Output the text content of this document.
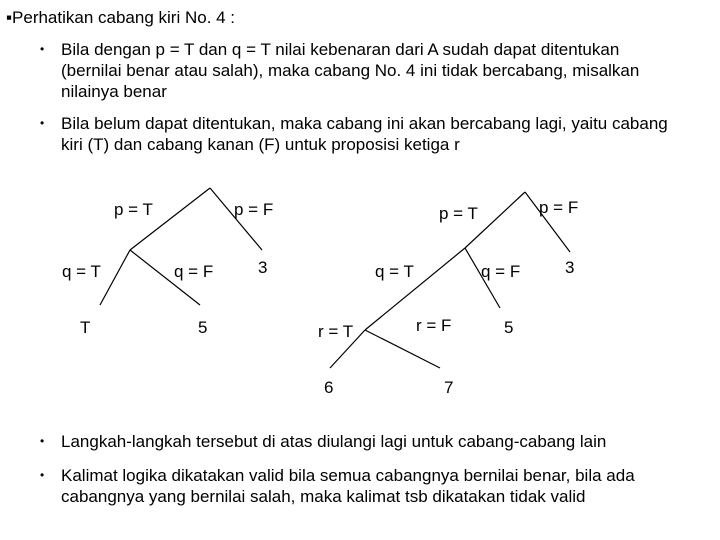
▪Perhatikan cabang kiri No. 4 :
• Bila dengan p = T dan q = T nilai kebenaran dari A sudah dapat ditentukan
(bernilai benar atau salah), maka cabang No. 4 ini tidak bercabang, misalkan
nilainya benar
• Bila belum dapat ditentukan, maka cabang ini akan bercabang lagi, yaitu cabang
kiri (T) dan cabang kanan (F) untuk proposisi ketiga r
p = T	p = F
q = T	q = F	3
T	5
p = T	p = F
q = T	q = F	3
r = T	r = F	5
6	7
• Langkah-langkah tersebut di atas diulangi lagi untuk cabang-cabang lain
• Kalimat logika dikatakan valid bila semua cabangnya bernilai benar, bila ada
cabangnya yang bernilai salah, maka kalimat tsb dikatakan tidak valid
